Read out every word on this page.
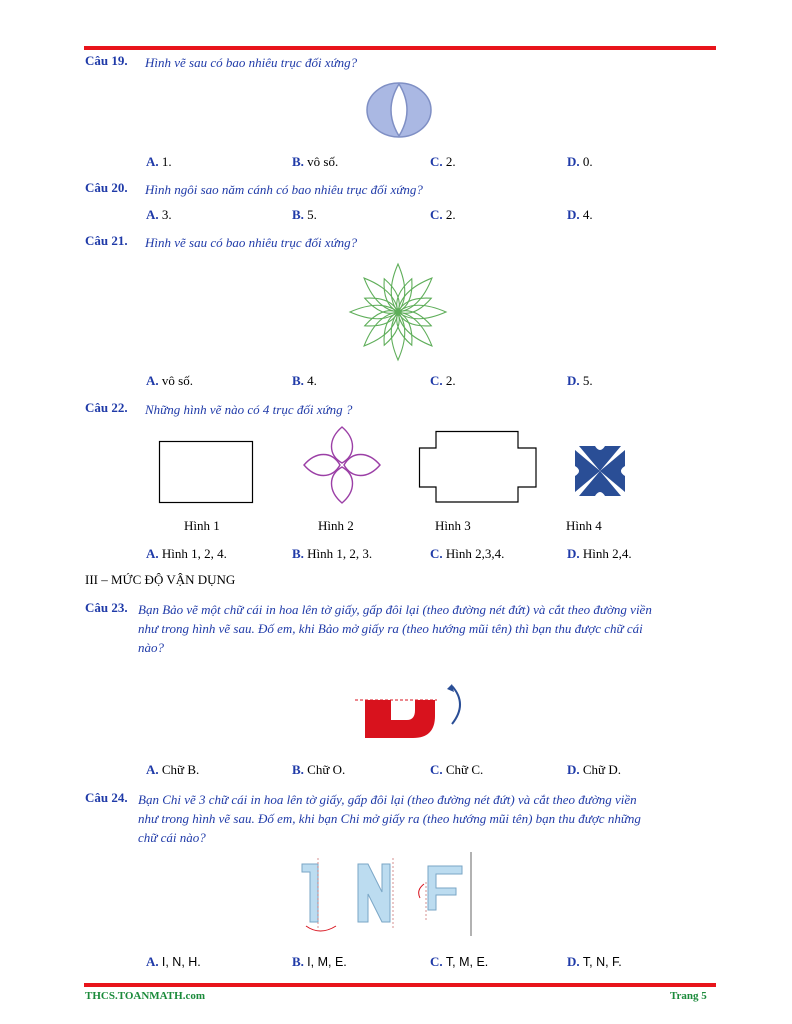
Câu 19. Hình vẽ sau có bao nhiêu trục đối xứng?
A. 1.	B. vô số.	C. 2.	D. 0.
Câu 20. Hình ngôi sao năm cánh có bao nhiêu trục đối xứng?
A. 3.	B. 5.	C. 2.	D. 4.
Câu 21. Hình vẽ sau có bao nhiêu trục đối xứng?
A. vô số.	B. 4.	C. 2.	D. 5.
Câu 22. Những hình vẽ nào có 4 trục đối xứng ?
Hình 1	Hình 2	Hình 3	Hình 4
A. Hình 1, 2, 4.	B. Hình 1, 2, 3.	C. Hình 2,3,4.	D. Hình 2,4.
III – MỨC ĐỘ VẬN DỤNG
Câu 23. Bạn Bảo vẽ một chữ cái in hoa lên tờ giấy, gấp đôi lại (theo đường nét đứt) và cắt theo đường viền
như trong hình vẽ sau. Đố em, khi Bảo mở giấy ra (theo hướng mũi tên) thì bạn thu được chữ cái
nào?
A. Chữ B.	B. Chữ O.	C. Chữ C.	D. Chữ D.
Câu 24. Bạn Chi vẽ 3 chữ cái in hoa lên tờ giấy, gấp đôi lại (theo đường nét đứt) và cắt theo đường viền
như trong hình vẽ sau. Đố em, khi bạn Chi mở giấy ra (theo hướng mũi tên) bạn thu được những
chữ cái nào?
A. I, N, H.	B. I, M, E.	C. T, M, E.	D. T, N, F.
THCS.TOANMATH.com	Trang 5
